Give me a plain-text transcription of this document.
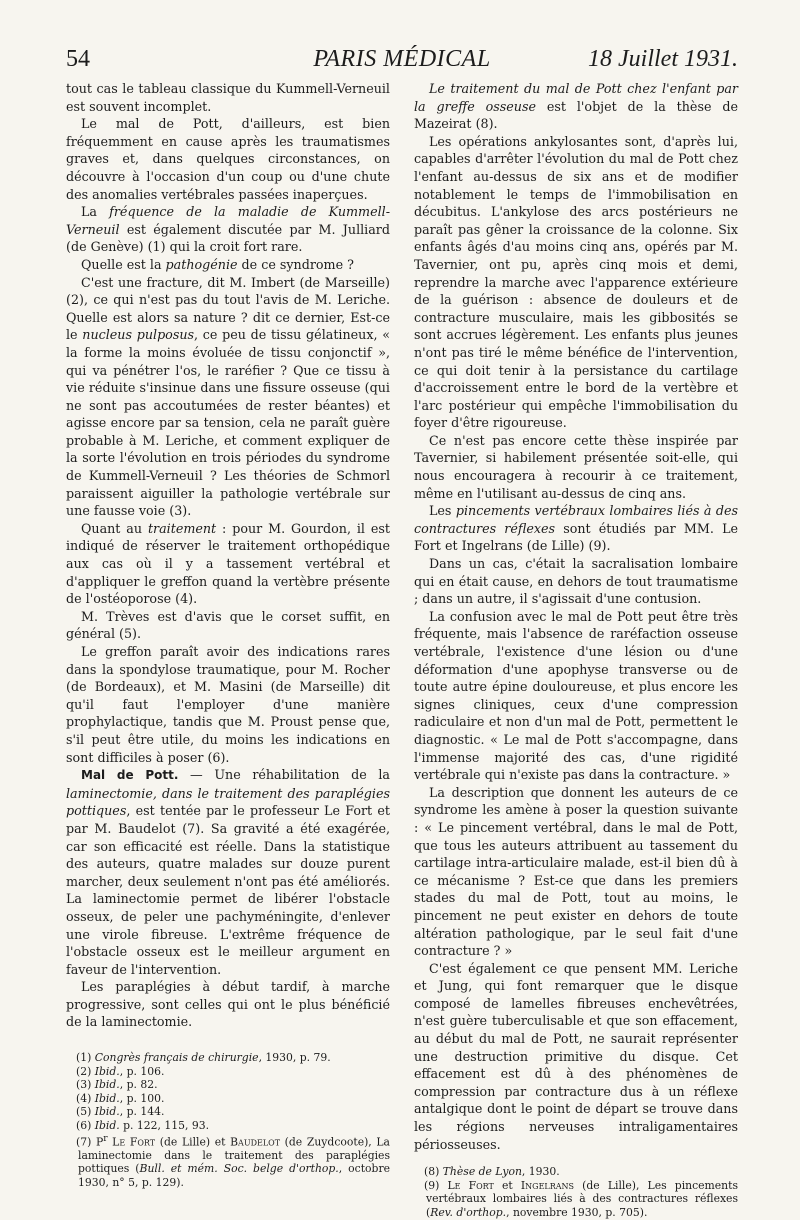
54	PARIS MÉDICAL	18 Juillet 1931.

tout cas le tableau classique du Kummell-Verneuil est souvent incomplet.

Le mal de Pott, d'ailleurs, est bien fréquemment en cause après les traumatismes graves et, dans quelques circonstances, on découvre à l'occasion d'un coup ou d'une chute des anomalies vertébrales passées inaperçues.

La fréquence de la maladie de Kummell-Verneuil est également discutée par M. Julliard (de Genève) (1) qui la croit fort rare.

Quelle est la pathogénie de ce syndrome ?

C'est une fracture, dit M. Imbert (de Marseille) (2), ce qui n'est pas du tout l'avis de M. Leriche. Quelle est alors sa nature ? dit ce dernier, Est-ce le nucleus pulposus, ce peu de tissu gélatineux, « la forme la moins évoluée de tissu conjonctif », qui va pénétrer l'os, le raréfier ? Que ce tissu à vie réduite s'insinue dans une fissure osseuse (qui ne sont pas accoutumées de rester béantes) et agisse encore par sa tension, cela ne paraît guère probable à M. Leriche, et comment expliquer de la sorte l'évolution en trois périodes du syndrome de Kummell-Verneuil ? Les théories de Schmorl paraissent aiguiller la pathologie vertébrale sur une fausse voie (3).

Quant au traitement : pour M. Gourdon, il est indiqué de réserver le traitement orthopédique aux cas où il y a tassement vertébral et d'appliquer le greffon quand la vertèbre présente de l'ostéoporose (4).

M. Trèves est d'avis que le corset suffit, en général (5).

Le greffon paraît avoir des indications rares dans la spondylose traumatique, pour M. Rocher (de Bordeaux), et M. Masini (de Marseille) dit qu'il faut l'employer d'une manière prophylactique, tandis que M. Proust pense que, s'il peut être utile, du moins les indications en sont difficiles à poser (6).

Mal de Pott. — Une réhabilitation de la laminectomie, dans le traitement des paraplégies pottiques, est tentée par le professeur Le Fort et par M. Baudelot (7). Sa gravité a été exagérée, car son efficacité est réelle. Dans la statistique des auteurs, quatre malades sur douze purent marcher, deux seulement n'ont pas été améliorés. La laminectomie permet de libérer l'obstacle osseux, de peler une pachyméningite, d'enlever une virole fibreuse. L'extrême fréquence de l'obstacle osseux est le meilleur argument en faveur de l'intervention.

Les paraplégies à début tardif, à marche progressive, sont celles qui ont le plus bénéficié de la laminectomie.

(1) Congrès français de chirurgie, 1930, p. 79.
(2) Ibid., p. 106.
(3) Ibid., p. 82.
(4) Ibid., p. 100.
(5) Ibid., p. 144.
(6) Ibid. p. 122, 115, 93.
(7) $P^r$ Le Fort (de Lille) et Baudelot (de Zuydcoote), La laminectomie dans le traitement des paraplégies pottiques (Bull. et mém. Soc. belge d'orthop., octobre 1930, n° 5, p. 129).

Le traitement du mal de Pott chez l'enfant par la greffe osseuse est l'objet de la thèse de Mazeirat (8).

Les opérations ankylosantes sont, d'après lui, capables d'arrêter l'évolution du mal de Pott chez l'enfant au-dessus de six ans et de modifier notablement le temps de l'immobilisation en décubitus. L'ankylose des arcs postérieurs ne paraît pas gêner la croissance de la colonne. Six enfants âgés d'au moins cinq ans, opérés par M. Tavernier, ont pu, après cinq mois et demi, reprendre la marche avec l'apparence extérieure de la guérison : absence de douleurs et de contracture musculaire, mais les gibbosités se sont accrues légèrement. Les enfants plus jeunes n'ont pas tiré le même bénéfice de l'intervention, ce qui doit tenir à la persistance du cartilage d'accroissement entre le bord de la vertèbre et l'arc postérieur qui empêche l'immobilisation du foyer d'être rigoureuse.

Ce n'est pas encore cette thèse inspirée par Tavernier, si habilement présentée soit-elle, qui nous encouragera à recourir à ce traitement, même en l'utilisant au-dessus de cinq ans.

Les pincements vertébraux lombaires liés à des contractures réflexes sont étudiés par MM. Le Fort et Ingelrans (de Lille) (9).

Dans un cas, c'était la sacralisation lombaire qui en était cause, en dehors de tout traumatisme ; dans un autre, il s'agissait d'une contusion.

La confusion avec le mal de Pott peut être très fréquente, mais l'absence de raréfaction osseuse vertébrale, l'existence d'une lésion ou d'une déformation d'une apophyse transverse ou de toute autre épine douloureuse, et plus encore les signes cliniques, ceux d'une compression radiculaire et non d'un mal de Pott, permettent le diagnostic. « Le mal de Pott s'accompagne, dans l'immense majorité des cas, d'une rigidité vertébrale qui n'existe pas dans la contracture. »

La description que donnent les auteurs de ce syndrome les amène à poser la question suivante : « Le pincement vertébral, dans le mal de Pott, que tous les auteurs attribuent au tassement du cartilage intra-articulaire malade, est-il bien dû à ce mécanisme ? Est-ce que dans les premiers stades du mal de Pott, tout au moins, le pincement ne peut exister en dehors de toute altération pathologique, par le seul fait d'une contracture ? »

C'est également ce que pensent MM. Leriche et Jung, qui font remarquer que le disque composé de lamelles fibreuses enchevêtrées, n'est guère tuberculisable et que son effacement, au début du mal de Pott, ne saurait représenter une destruction primitive du disque. Cet effacement est dû à des phénomènes de compression par contracture dus à un réflexe antalgique dont le point de départ se trouve dans les régions nerveuses intraligamentaires périosseuses.

(8) Thèse de Lyon, 1930.
(9) Le Fort et Ingelrans (de Lille), Les pincements vertébraux lombaires liés à des contractures réflexes (Rev. d'orthop., novembre 1930, p. 705).
